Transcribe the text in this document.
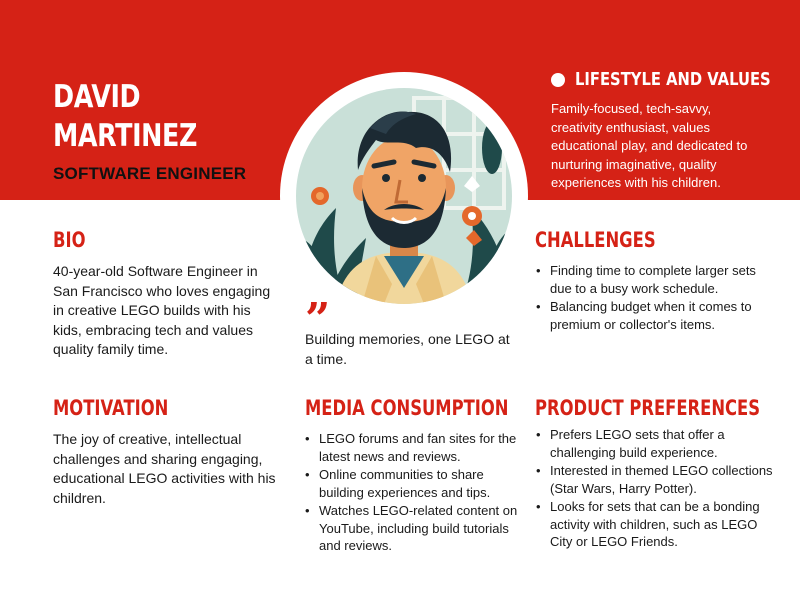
DAVID
MARTINEZ
SOFTWARE ENGINEER
LIFESTYLE AND VALUES
Family-focused, tech-savvy, creativity enthusiast, values educational play, and dedicated to nurturing imaginative, quality experiences with his children.
BIO
40-year-old Software Engineer in San Francisco who loves engaging in creative LEGO builds with his kids, embracing tech and values quality family time.
”
Building memories, one LEGO at a time.
CHALLENGES
• Finding time to complete larger sets due to a busy work schedule.
• Balancing budget when it comes to premium or collector's items.
MOTIVATION
The joy of creative, intellectual challenges and sharing engaging, educational LEGO activities with his children.
MEDIA CONSUMPTION
• LEGO forums and fan sites for the latest news and reviews.
• Online communities to share building experiences and tips.
• Watches LEGO-related content on YouTube, including build tutorials and reviews.
PRODUCT PREFERENCES
• Prefers LEGO sets that offer a challenging build experience.
• Interested in themed LEGO collections (Star Wars, Harry Potter).
• Looks for sets that can be a bonding activity with children, such as LEGO City or LEGO Friends.
